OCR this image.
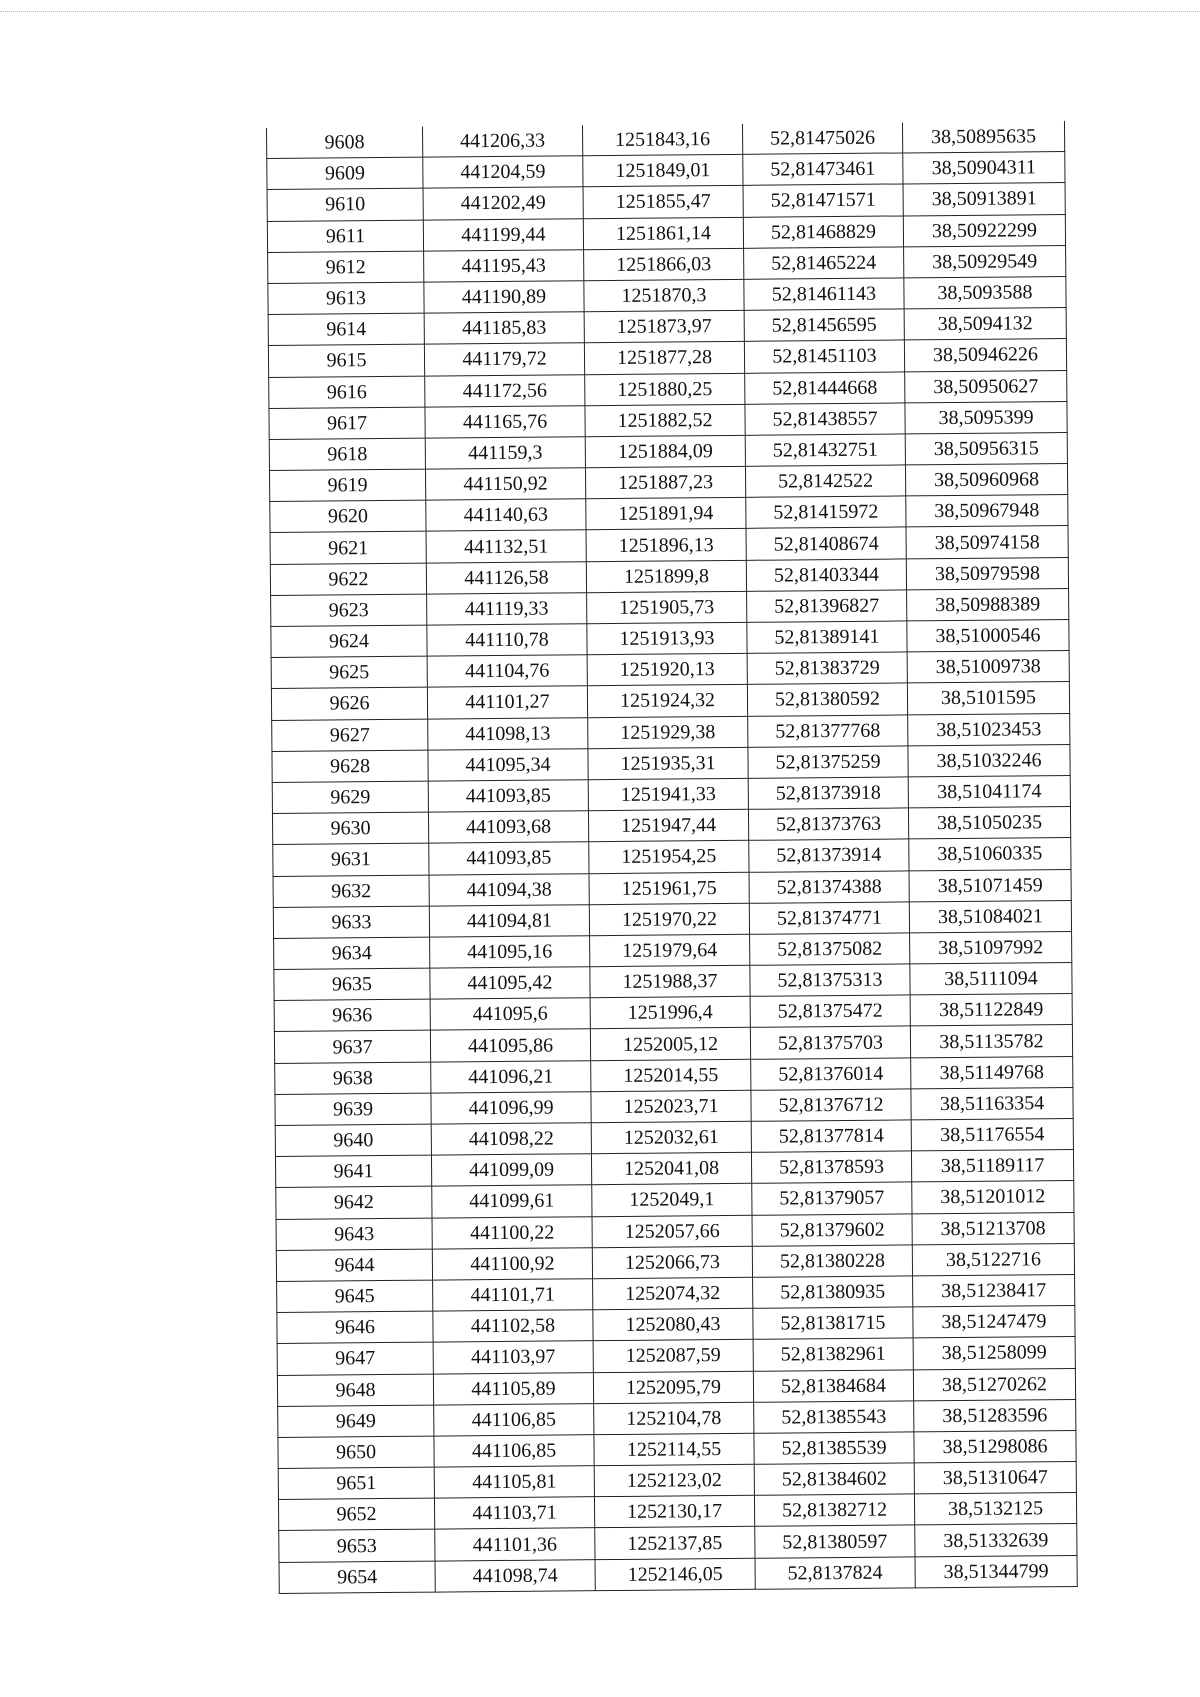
9608	441206,33	1251843,16	52,81475026	38,50895635
9609	441204,59	1251849,01	52,81473461	38,50904311
9610	441202,49	1251855,47	52,81471571	38,50913891
9611	441199,44	1251861,14	52,81468829	38,50922299
9612	441195,43	1251866,03	52,81465224	38,50929549
9613	441190,89	1251870,3	52,81461143	38,5093588
9614	441185,83	1251873,97	52,81456595	38,5094132
9615	441179,72	1251877,28	52,81451103	38,50946226
9616	441172,56	1251880,25	52,81444668	38,50950627
9617	441165,76	1251882,52	52,81438557	38,5095399
9618	441159,3	1251884,09	52,81432751	38,50956315
9619	441150,92	1251887,23	52,8142522	38,50960968
9620	441140,63	1251891,94	52,81415972	38,50967948
9621	441132,51	1251896,13	52,81408674	38,50974158
9622	441126,58	1251899,8	52,81403344	38,50979598
9623	441119,33	1251905,73	52,81396827	38,50988389
9624	441110,78	1251913,93	52,81389141	38,51000546
9625	441104,76	1251920,13	52,81383729	38,51009738
9626	441101,27	1251924,32	52,81380592	38,5101595
9627	441098,13	1251929,38	52,81377768	38,51023453
9628	441095,34	1251935,31	52,81375259	38,51032246
9629	441093,85	1251941,33	52,81373918	38,51041174
9630	441093,68	1251947,44	52,81373763	38,51050235
9631	441093,85	1251954,25	52,81373914	38,51060335
9632	441094,38	1251961,75	52,81374388	38,51071459
9633	441094,81	1251970,22	52,81374771	38,51084021
9634	441095,16	1251979,64	52,81375082	38,51097992
9635	441095,42	1251988,37	52,81375313	38,5111094
9636	441095,6	1251996,4	52,81375472	38,51122849
9637	441095,86	1252005,12	52,81375703	38,51135782
9638	441096,21	1252014,55	52,81376014	38,51149768
9639	441096,99	1252023,71	52,81376712	38,51163354
9640	441098,22	1252032,61	52,81377814	38,51176554
9641	441099,09	1252041,08	52,81378593	38,51189117
9642	441099,61	1252049,1	52,81379057	38,51201012
9643	441100,22	1252057,66	52,81379602	38,51213708
9644	441100,92	1252066,73	52,81380228	38,5122716
9645	441101,71	1252074,32	52,81380935	38,51238417
9646	441102,58	1252080,43	52,81381715	38,51247479
9647	441103,97	1252087,59	52,81382961	38,51258099
9648	441105,89	1252095,79	52,81384684	38,51270262
9649	441106,85	1252104,78	52,81385543	38,51283596
9650	441106,85	1252114,55	52,81385539	38,51298086
9651	441105,81	1252123,02	52,81384602	38,51310647
9652	441103,71	1252130,17	52,81382712	38,5132125
9653	441101,36	1252137,85	52,81380597	38,51332639
9654	441098,74	1252146,05	52,8137824	38,51344799
